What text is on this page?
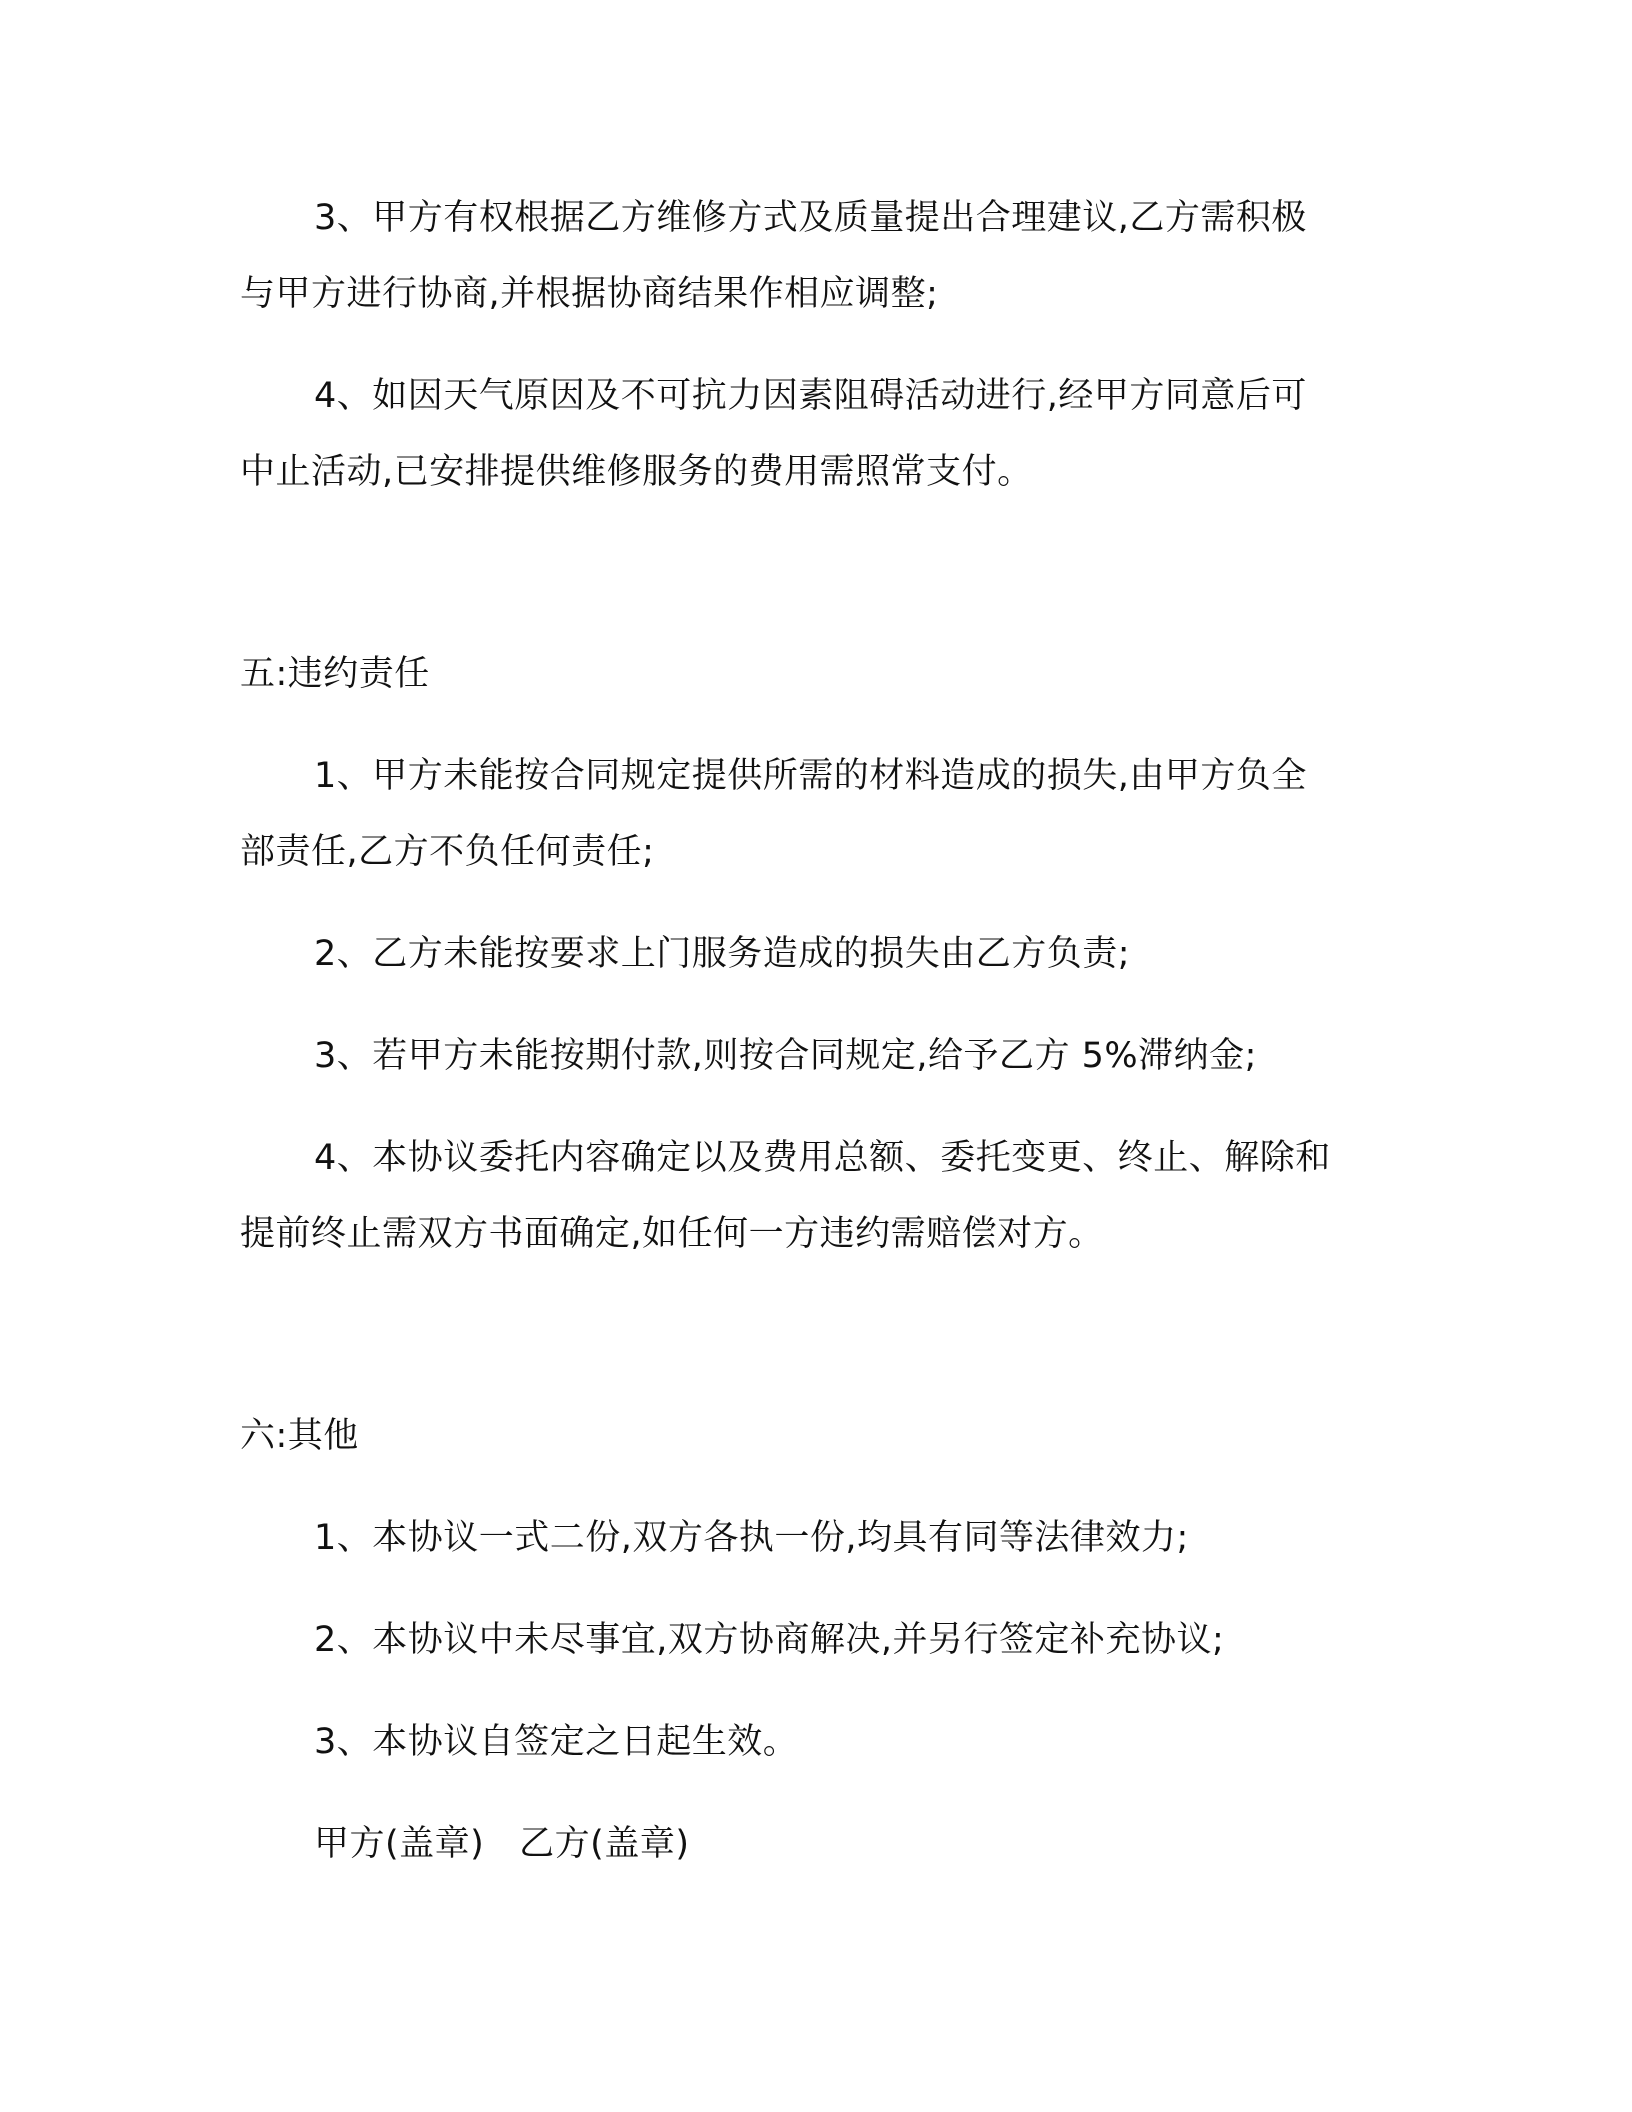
3、甲方有权根据乙方维修方式及质量提出合理建议,乙方需积极
与甲方进行协商,并根据协商结果作相应调整;
4、如因天气原因及不可抗力因素阻碍活动进行,经甲方同意后可
中止活动,已安排提供维修服务的费用需照常支付。
五:违约责任
1、甲方未能按合同规定提供所需的材料造成的损失,由甲方负全
部责任,乙方不负任何责任;
2、乙方未能按要求上门服务造成的损失由乙方负责;
3、若甲方未能按期付款,则按合同规定,给予乙方 5%滞纳金;
4、本协议委托内容确定以及费用总额、委托变更、终止、解除和
提前终止需双方书面确定,如任何一方违约需赔偿对方。
六:其他
1、本协议一式二份,双方各执一份,均具有同等法律效力;
2、本协议中未尽事宜,双方协商解决,并另行签定补充协议;
3、本协议自签定之日起生效。
甲方(盖章)   乙方(盖章)
